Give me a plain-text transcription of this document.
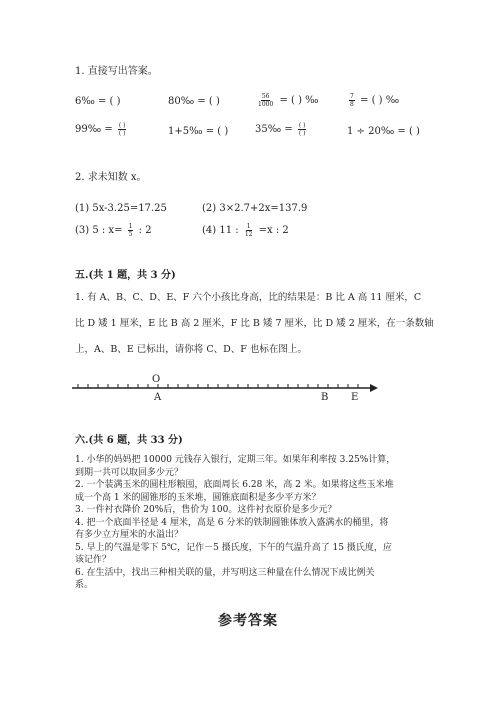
1. 直接写出答案。
6‰ = ( )	80‰ = ( )	$\frac{56}{1000}$ = ( ) ‰	$\frac{7}{8}$ = ( ) ‰
99‰ = $\frac{( )}{( )}$	1+5‰ = ( )	35‰ = $\frac{( )}{( )}$	1 ÷ 20‰ = ( )
2. 求未知数 x。
(1) 5x-3.25=17.25	(2) 3×2.7+2x=137.9
(3) 5 : $x= \frac{1}{5}$ : 2	(4) 11 : $\frac{1}{12} =x$ : 2
五.(共 1 题，共 3 分)
1. 有 A、B、C、D、E、F 六个小孩比身高，比的结果是：B 比 A 高 11 厘米，C
比 D 矮 1 厘米，E 比 B 高 2 厘米，F 比 B 矮 7 厘米，比 D 矮 2 厘米，在一条数轴
上，A、B、E 已标出，请你将 C、D、F 也标在图上。
O
A	B E
六.(共 6 题，共 33 分)
1. 小华的妈妈把 10000 元钱存入银行，定期三年。如果年利率按 3.25%计算，
到期一共可以取回多少元？
2. 一个装满玉米的圆柱形粮囤，底面周长 6.28 米，高 2 米。如果将这些玉米堆
成一个高 1 米的圆锥形的玉米堆，圆锥底面积是多少平方米？
3. 一件衬衣降价 20%后，售价为 100。这件衬衣原价是多少元？
4. 把一个底面半径是 4 厘米，高是 6 分米的铁制圆锥体放入盛满水的桶里，将
有多少立方厘米的水溢出？
5. 早上的气温是零下 5℃，记作－5 摄氏度，下午的气温升高了 15 摄氏度，应
该记作？
6. 在生活中，找出三种相关联的量，并写明这三种量在什么情况下成比例关
系。
参考答案
